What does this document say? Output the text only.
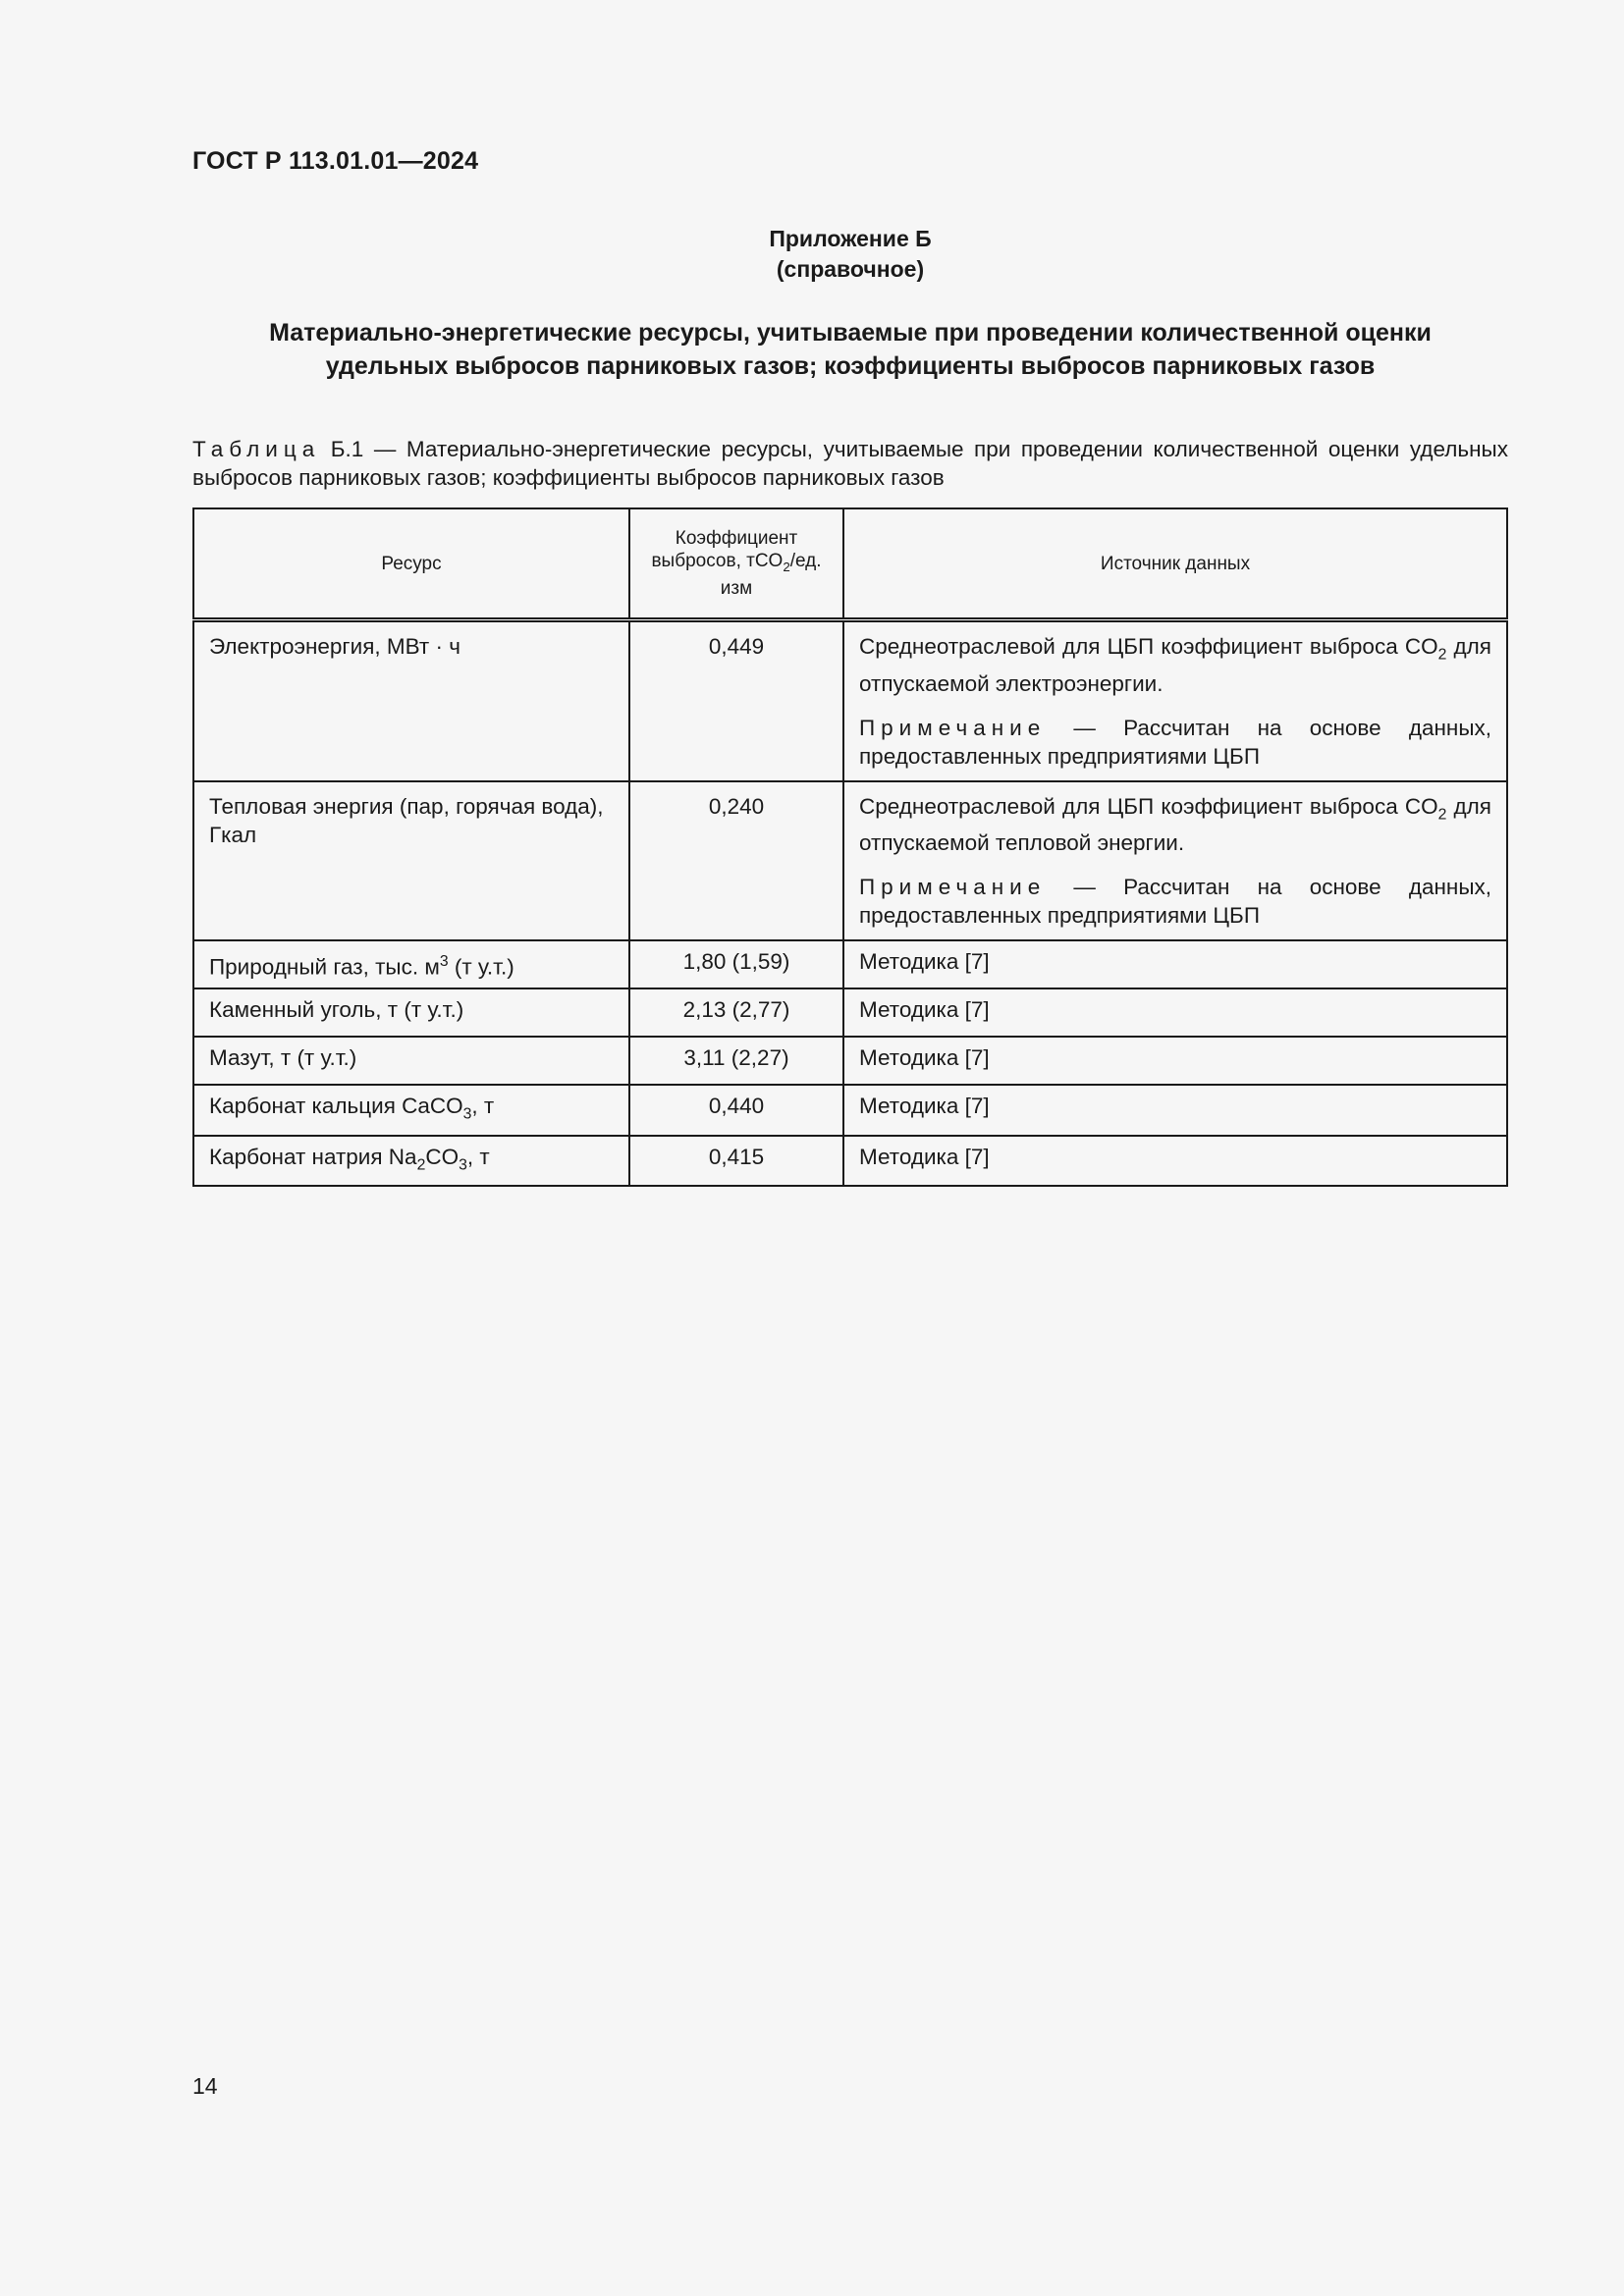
ГОСТ Р 113.01.01—2024
Приложение Б
(справочное)
Материально-энергетические ресурсы, учитываемые при проведении количественной оценки
удельных выбросов парниковых газов; коэффициенты выбросов парниковых газов
Таблица Б.1 — Материально-энергетические ресурсы, учитываемые при проведении количественной оценки удельных выбросов парниковых газов; коэффициенты выбросов парниковых газов
Ресурс	Коэффициент выбросов, тCO$_2$/ед. изм	Источник данных
Электроэнергия, МВт · ч	0,449	Среднеотраслевой для ЦБП коэффициент выброса $CO_2$ для отпускаемой электроэнергии.
Примечание — Рассчитан на основе данных, предоставленных предприятиями ЦБП

Тепловая энергия (пар, горячая вода), Гкал	0,240	Среднеотраслевой для ЦБП коэффициент выброса $CO_2$ для отпускаемой тепловой энергии.
Примечание — Рассчитан на основе данных, предоставленных предприятиями ЦБП

Природный газ, тыс. $м^3$ (т у.т.)	1,80 (1,59)	Методика [7]
Каменный уголь, т (т у.т.)	2,13 (2,77)	Методика [7]
Мазут, т (т у.т.)	3,11 (2,27)	Методика [7]
Карбонат кальция CaCO$_3$, т	0,440	Методика [7]
Карбонат натрия $Na_2CO_3$, т	0,415	Методика [7]
14
